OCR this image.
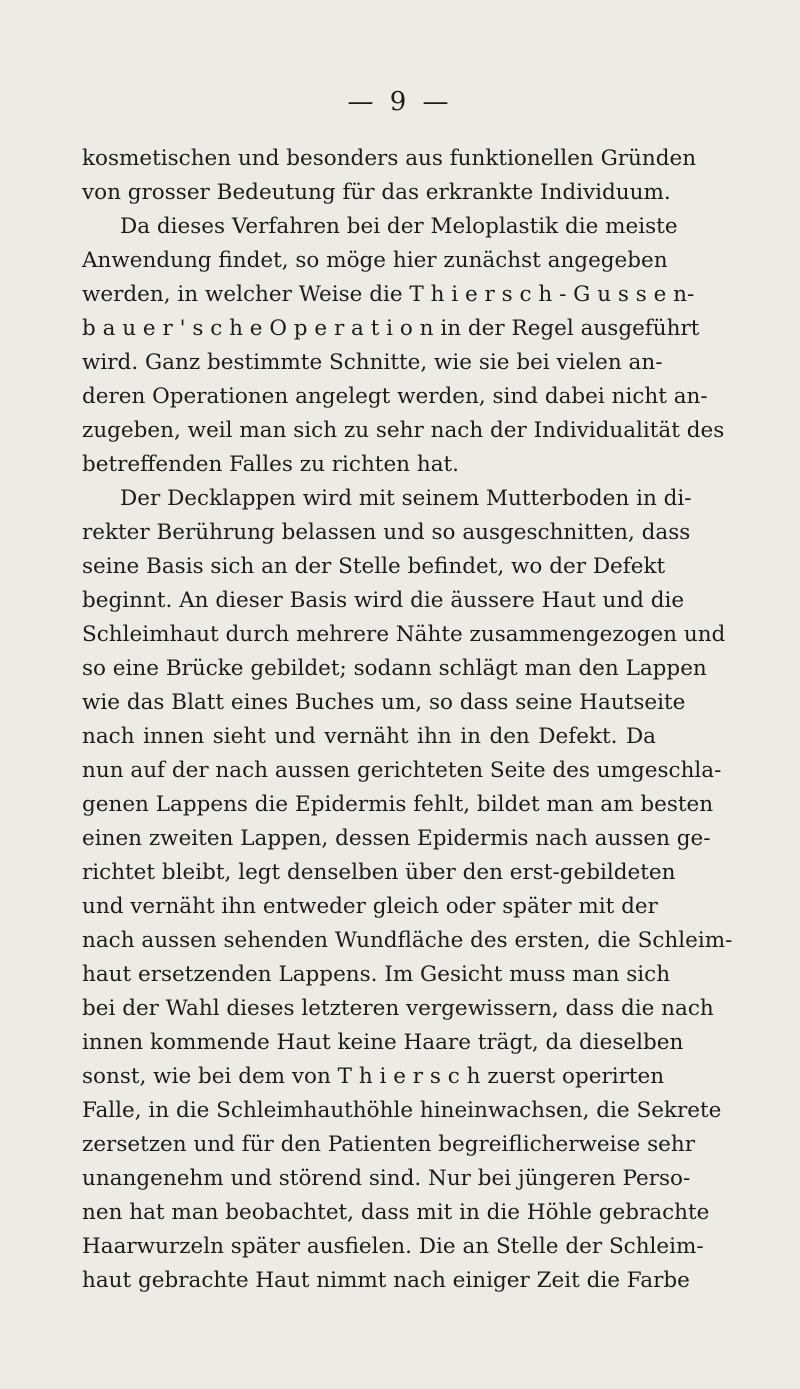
— 9 —
kosmetischen und besonders aus funktionellen Gründen
von grosser Bedeutung für das erkrankte Individuum.
Da dieses Verfahren bei der Meloplastik die meiste
Anwendung findet, so möge hier zunächst angegeben
werden, in welcher Weise die T h i e r s c h - G u s s e n-
b a u e r ' s c h e O p e r a t i o n in der Regel ausgeführt
wird. Ganz bestimmte Schnitte, wie sie bei vielen an-
deren Operationen angelegt werden, sind dabei nicht an-
zugeben, weil man sich zu sehr nach der Individualität des
betreffenden Falles zu richten hat.
Der Decklappen wird mit seinem Mutterboden in di-
rekter Berührung belassen und so ausgeschnitten, dass
seine Basis sich an der Stelle befindet, wo der Defekt
beginnt. An dieser Basis wird die äussere Haut und die
Schleimhaut durch mehrere Nähte zusammengezogen und
so eine Brücke gebildet; sodann schlägt man den Lappen
wie das Blatt eines Buches um, so dass seine Hautseite
nach innen sieht und vernäht ihn in den Defekt. Da
nun auf der nach aussen gerichteten Seite des umgeschla-
genen Lappens die Epidermis fehlt, bildet man am besten
einen zweiten Lappen, dessen Epidermis nach aussen ge-
richtet bleibt, legt denselben über den erst-gebildeten
und vernäht ihn entweder gleich oder später mit der
nach aussen sehenden Wundfläche des ersten, die Schleim-
haut ersetzenden Lappens. Im Gesicht muss man sich
bei der Wahl dieses letzteren vergewissern, dass die nach
innen kommende Haut keine Haare trägt, da dieselben
sonst, wie bei dem von T h i e r s c h zuerst operirten
Falle, in die Schleimhauthöhle hineinwachsen, die Sekrete
zersetzen und für den Patienten begreiflicherweise sehr
unangenehm und störend sind. Nur bei jüngeren Perso-
nen hat man beobachtet, dass mit in die Höhle gebrachte
Haarwurzeln später ausfielen. Die an Stelle der Schleim-
haut gebrachte Haut nimmt nach einiger Zeit die Farbe
